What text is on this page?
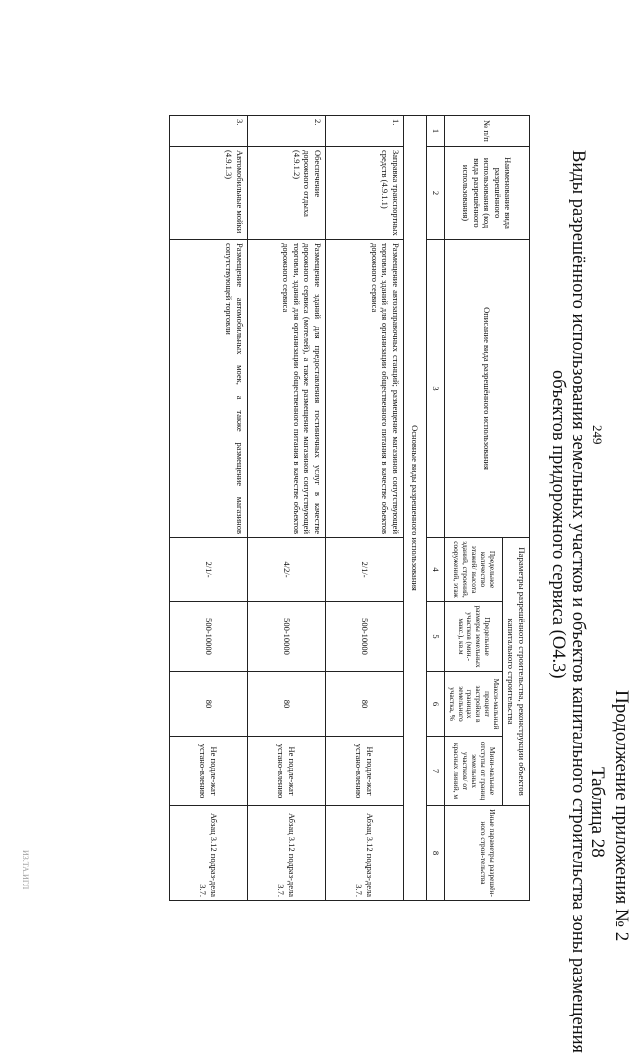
249
Продолжение приложения № 2
Таблица 28
Виды разрешённого использования земельных участков и объектов капитального строительства зоны размещения
объектов придорожного сервиса (О4.3)
ИЗ.ТА.ИГЛ
№ п/п	Наименование вида разрешённого использования (код вида разрешённого использования)	Описание вида разрешённого использования	Параметры разрешённого строительства, реконструкции объектов капитального строительства				Иные параметры разрешён-ного строи-тельства
			Предельное количество этажей/ высота зданий, строений, сооружений, этаж	Предельные размеры земельных участков (мин.-макс.), кв.м	Макси-мальный процент застройки в границах земельного участка, %	Мини-мальные отступы от границ земельных участков/ от красных линий, м	
1	2	3	4	5	6	7	8
Основные виды разрешенного использования							
1.	Заправка транспортных средств (4.9.1.1)	Размещение автозаправочных станций; размещение магазинов сопутствующей торговли, зданий для организации общественного питания в качестве объектов дорожного сервиса	2/1/-	500-10000	80	Не подле-жат устано-влению	Абзац 3.12 подраз-дела 3.7.
2.	Обеспечение дорожного отдыха (4.9.1.2)	Размещение зданий для предоставления гостиничных услуг в качестве дорожного сервиса (мотелей), а также размещение магазинов сопутствующей торговли, зданий для организации общественного питания в качестве объектов дорожного сервиса	4/2/-	500-10000	80	Не подле-жат устано-влению	Абзац 3.12 подраз-дела 3.7.
3.	Автомобильные мойки (4.9.1.3)	Размещение автомобильных моек, а также размещение магазинов сопутствующей торговли	2/1/-	500-10000	80	Не подле-жат устано-влению	Абзац 3.12 подраз-дела 3.7.
